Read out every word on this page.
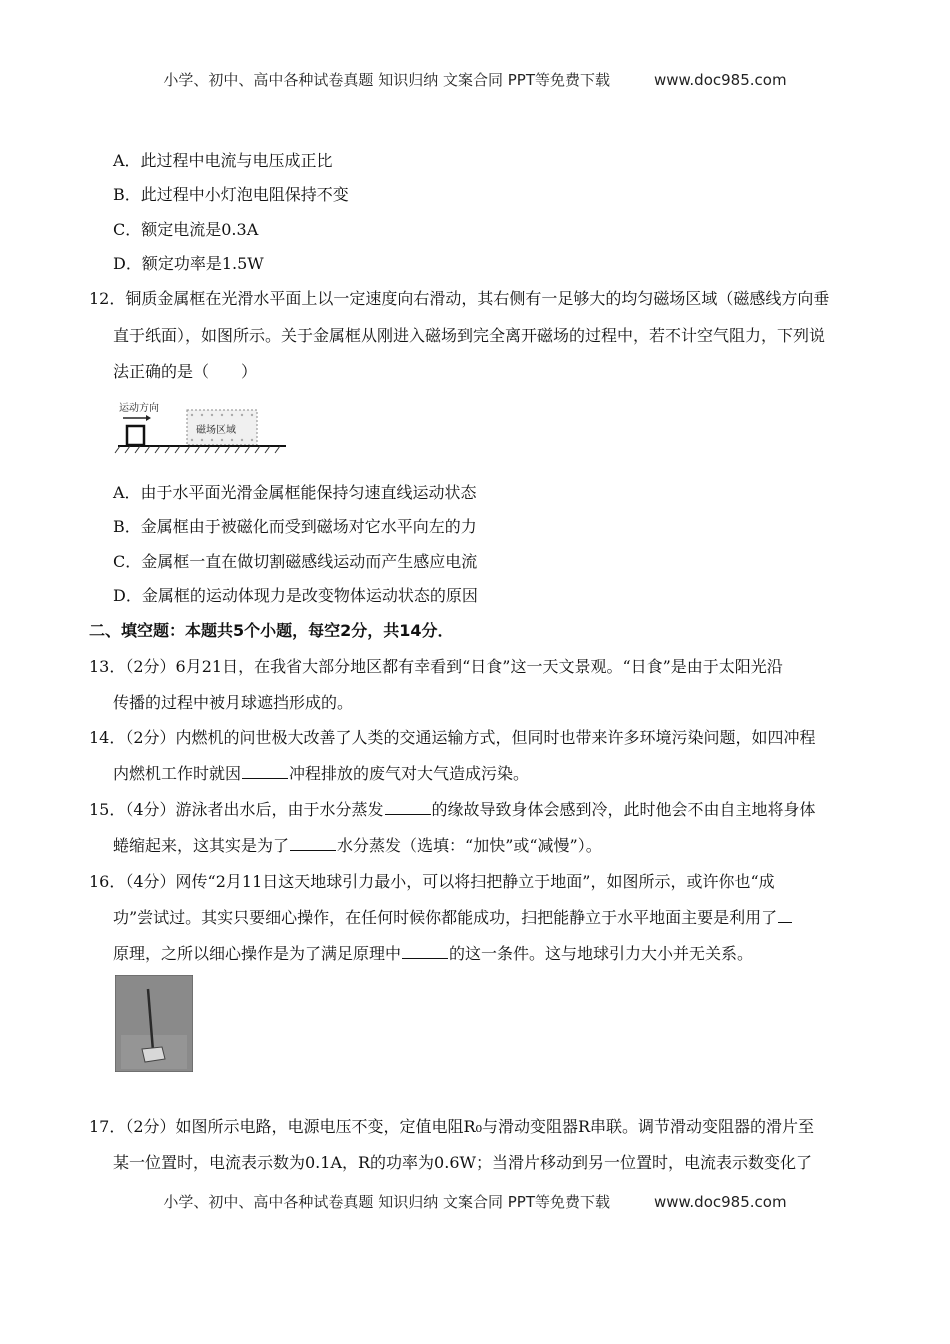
小学、初中、高中各种试卷真题 知识归纳 文案合同 PPT等免费下载	www.doc985.com
A．此过程中电流与电压成正比
B．此过程中小灯泡电阻保持不变
C．额定电流是0.3A
D．额定功率是1.5W
12．铜质金属框在光滑水平面上以一定速度向右滑动，其右侧有一足够大的均匀磁场区域（磁感线方向垂
直于纸面），如图所示。关于金属框从刚进入磁场到完全离开磁场的过程中，若不计空气阻力，下列说
法正确的是（　　）
运动方向
磁场区域
A．由于水平面光滑金属框能保持匀速直线运动状态
B．金属框由于被磁化而受到磁场对它水平向左的力
C．金属框一直在做切割磁感线运动而产生感应电流
D．金属框的运动体现力是改变物体运动状态的原因
二、填空题：本题共5个小题，每空2分，共14分．
13．（2分）6月21日，在我省大部分地区都有幸看到“日食”这一天文景观。“日食”是由于太阳光沿
传播的过程中被月球遮挡形成的。
14．（2分）内燃机的问世极大改善了人类的交通运输方式，但同时也带来许多环境污染问题，如四冲程
内燃机工作时就因	冲程排放的废气对大气造成污染。
15．（4分）游泳者出水后，由于水分蒸发	的缘故导致身体会感到冷，此时他会不由自主地将身体
蜷缩起来，这其实是为了	水分蒸发（选填：“加快”或“减慢”）。
16．（4分）网传“2月11日这天地球引力最小，可以将扫把静立于地面”，如图所示，或许你也“成
功”尝试过。其实只要细心操作，在任何时候你都能成功，扫把能静立于水平地面主要是利用了
原理，之所以细心操作是为了满足原理中	的这一条件。这与地球引力大小并无关系。
17．（2分）如图所示电路，电源电压不变，定值电阻R₀与滑动变阻器R串联。调节滑动变阻器的滑片至
某一位置时，电流表示数为0.1A，R的功率为0.6W；当滑片移动到另一位置时，电流表示数变化了
小学、初中、高中各种试卷真题 知识归纳 文案合同 PPT等免费下载	www.doc985.com
